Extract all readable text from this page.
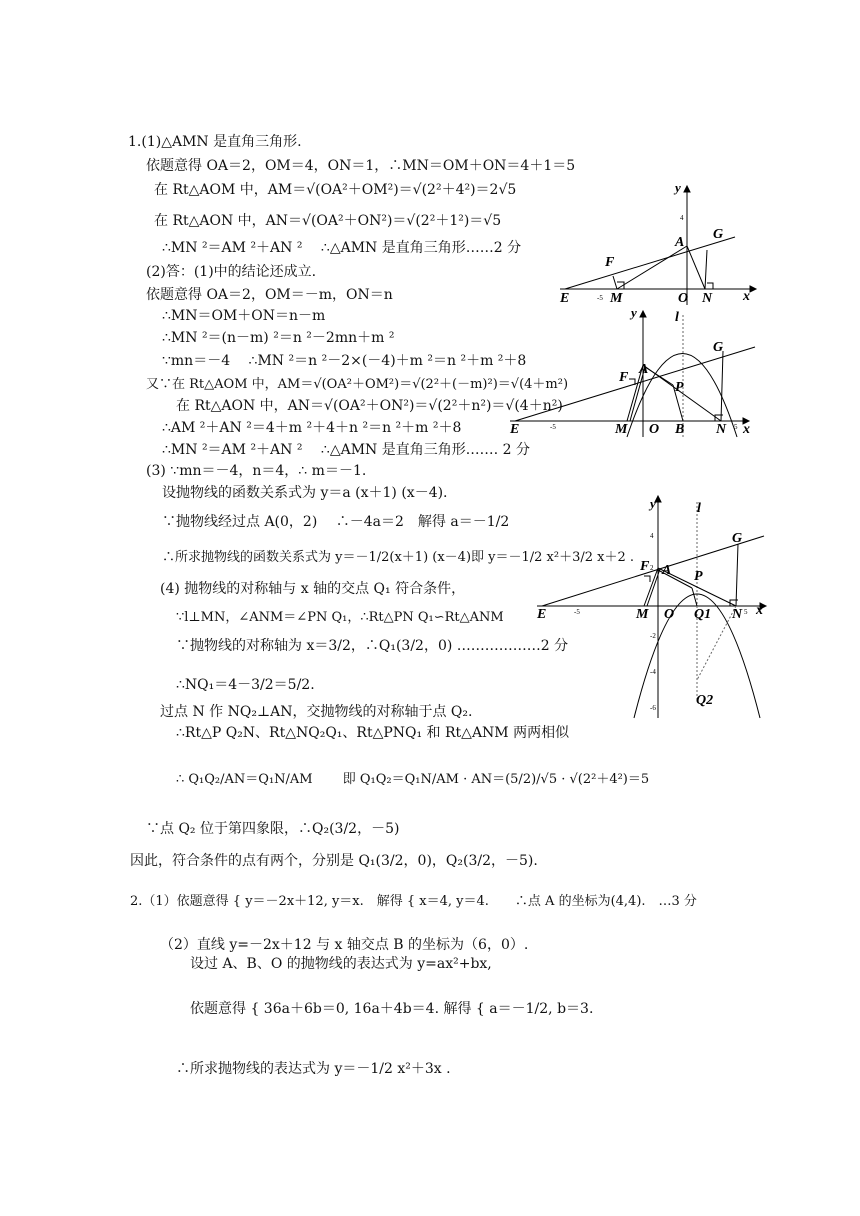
1.(1)△AMN 是直角三角形.
依题意得 OA＝2，OM＝4，ON＝1，∴MN＝OM＋ON＝4＋1＝5
在 Rt△AOM 中，AM＝√(OA²＋OM²)＝√(2²＋4²)＝2√5
在 Rt△AON 中，AN＝√(OA²＋ON²)＝√(2²＋1²)＝√5
∴MN ²＝AM ²＋AN ²　 ∴△AMN 是直角三角形……2 分
(2)答：(1)中的结论还成立.
依题意得 OA＝2，OM＝－m，ON＝n
∴MN＝OM＋ON＝n－m
∴MN ²＝(n－m) ²＝n ²－2mn＋m ²
∵mn＝－4　 ∴MN ²＝n ²－2×(－4)＋m ²＝n ²＋m ²＋8
又∵在 Rt△AOM 中，AM＝√(OA²＋OM²)＝√(2²＋(－m)²)＝√(4＋m²)
在 Rt△AON 中，AN＝√(OA²＋ON²)＝√(2²＋n²)＝√(4＋n²)
∴AM ²＋AN ²＝4＋m ²＋4＋n ²＝n ²＋m ²＋8
∴MN ²＝AM ²＋AN ²　 ∴△AMN 是直角三角形.…… 2 分
(3) ∵mn＝－4，n＝4，∴ m＝－1.
设抛物线的函数关系式为 y＝a (x＋1) (x－4).
∵抛物线经过点 A(0，2)　 ∴－4a＝2　解得 a＝－1/2
∴所求抛物线的函数关系式为 y＝－1/2(x＋1) (x－4)即 y＝－1/2 x²＋3/2 x＋2 .
(4) 抛物线的对称轴与 x 轴的交点 Q₁ 符合条件，
∵l⊥MN，∠ANM＝∠PN Q₁，∴Rt△PN Q₁∽Rt△ANM
∵抛物线的对称轴为 x＝3/2，∴Q₁(3/2，0) ………………2 分
∴NQ₁＝4－3/2＝5/2.
过点 N 作 NQ₂⊥AN，交抛物线的对称轴于点 Q₂.
∴Rt△P Q₂N、Rt△NQ₂Q₁、Rt△PNQ₁ 和 Rt△ANM 两两相似
∴ Q₁Q₂/AN＝Q₁N/AM　　 即 Q₁Q₂＝Q₁N/AM · AN＝(5/2)/√5 · √(2²＋4²)＝5
∵点 Q₂ 位于第四象限，∴Q₂(3/2，－5)
因此，符合条件的点有两个，分别是 Q₁(3/2，0)，Q₂(3/2，－5).
2.（1）依题意得 { y＝－2x＋12, y＝x.　解得 { x＝4, y＝4.　　∴点 A 的坐标为(4,4).　…3 分
（2）直线 y=－2x＋12 与 x 轴交点 B 的坐标为（6，0）.
设过 A、B、O 的抛物线的表达式为 y=ax²+bx,
依题意得 { 36a＋6b＝0, 16a＋4b＝4. 解得 { a＝－1/2, b＝3.
∴所求抛物线的表达式为 y＝－1/2 x²＋3x .
y
4
A
G
F
E	-5 M	O N x
y	l
G
F
A
P
E	-5	M O B N 5 x
y	l
4
2
G
F A P
E	-5	M O Q1 N 5 x
-2
-4
-6	Q2
